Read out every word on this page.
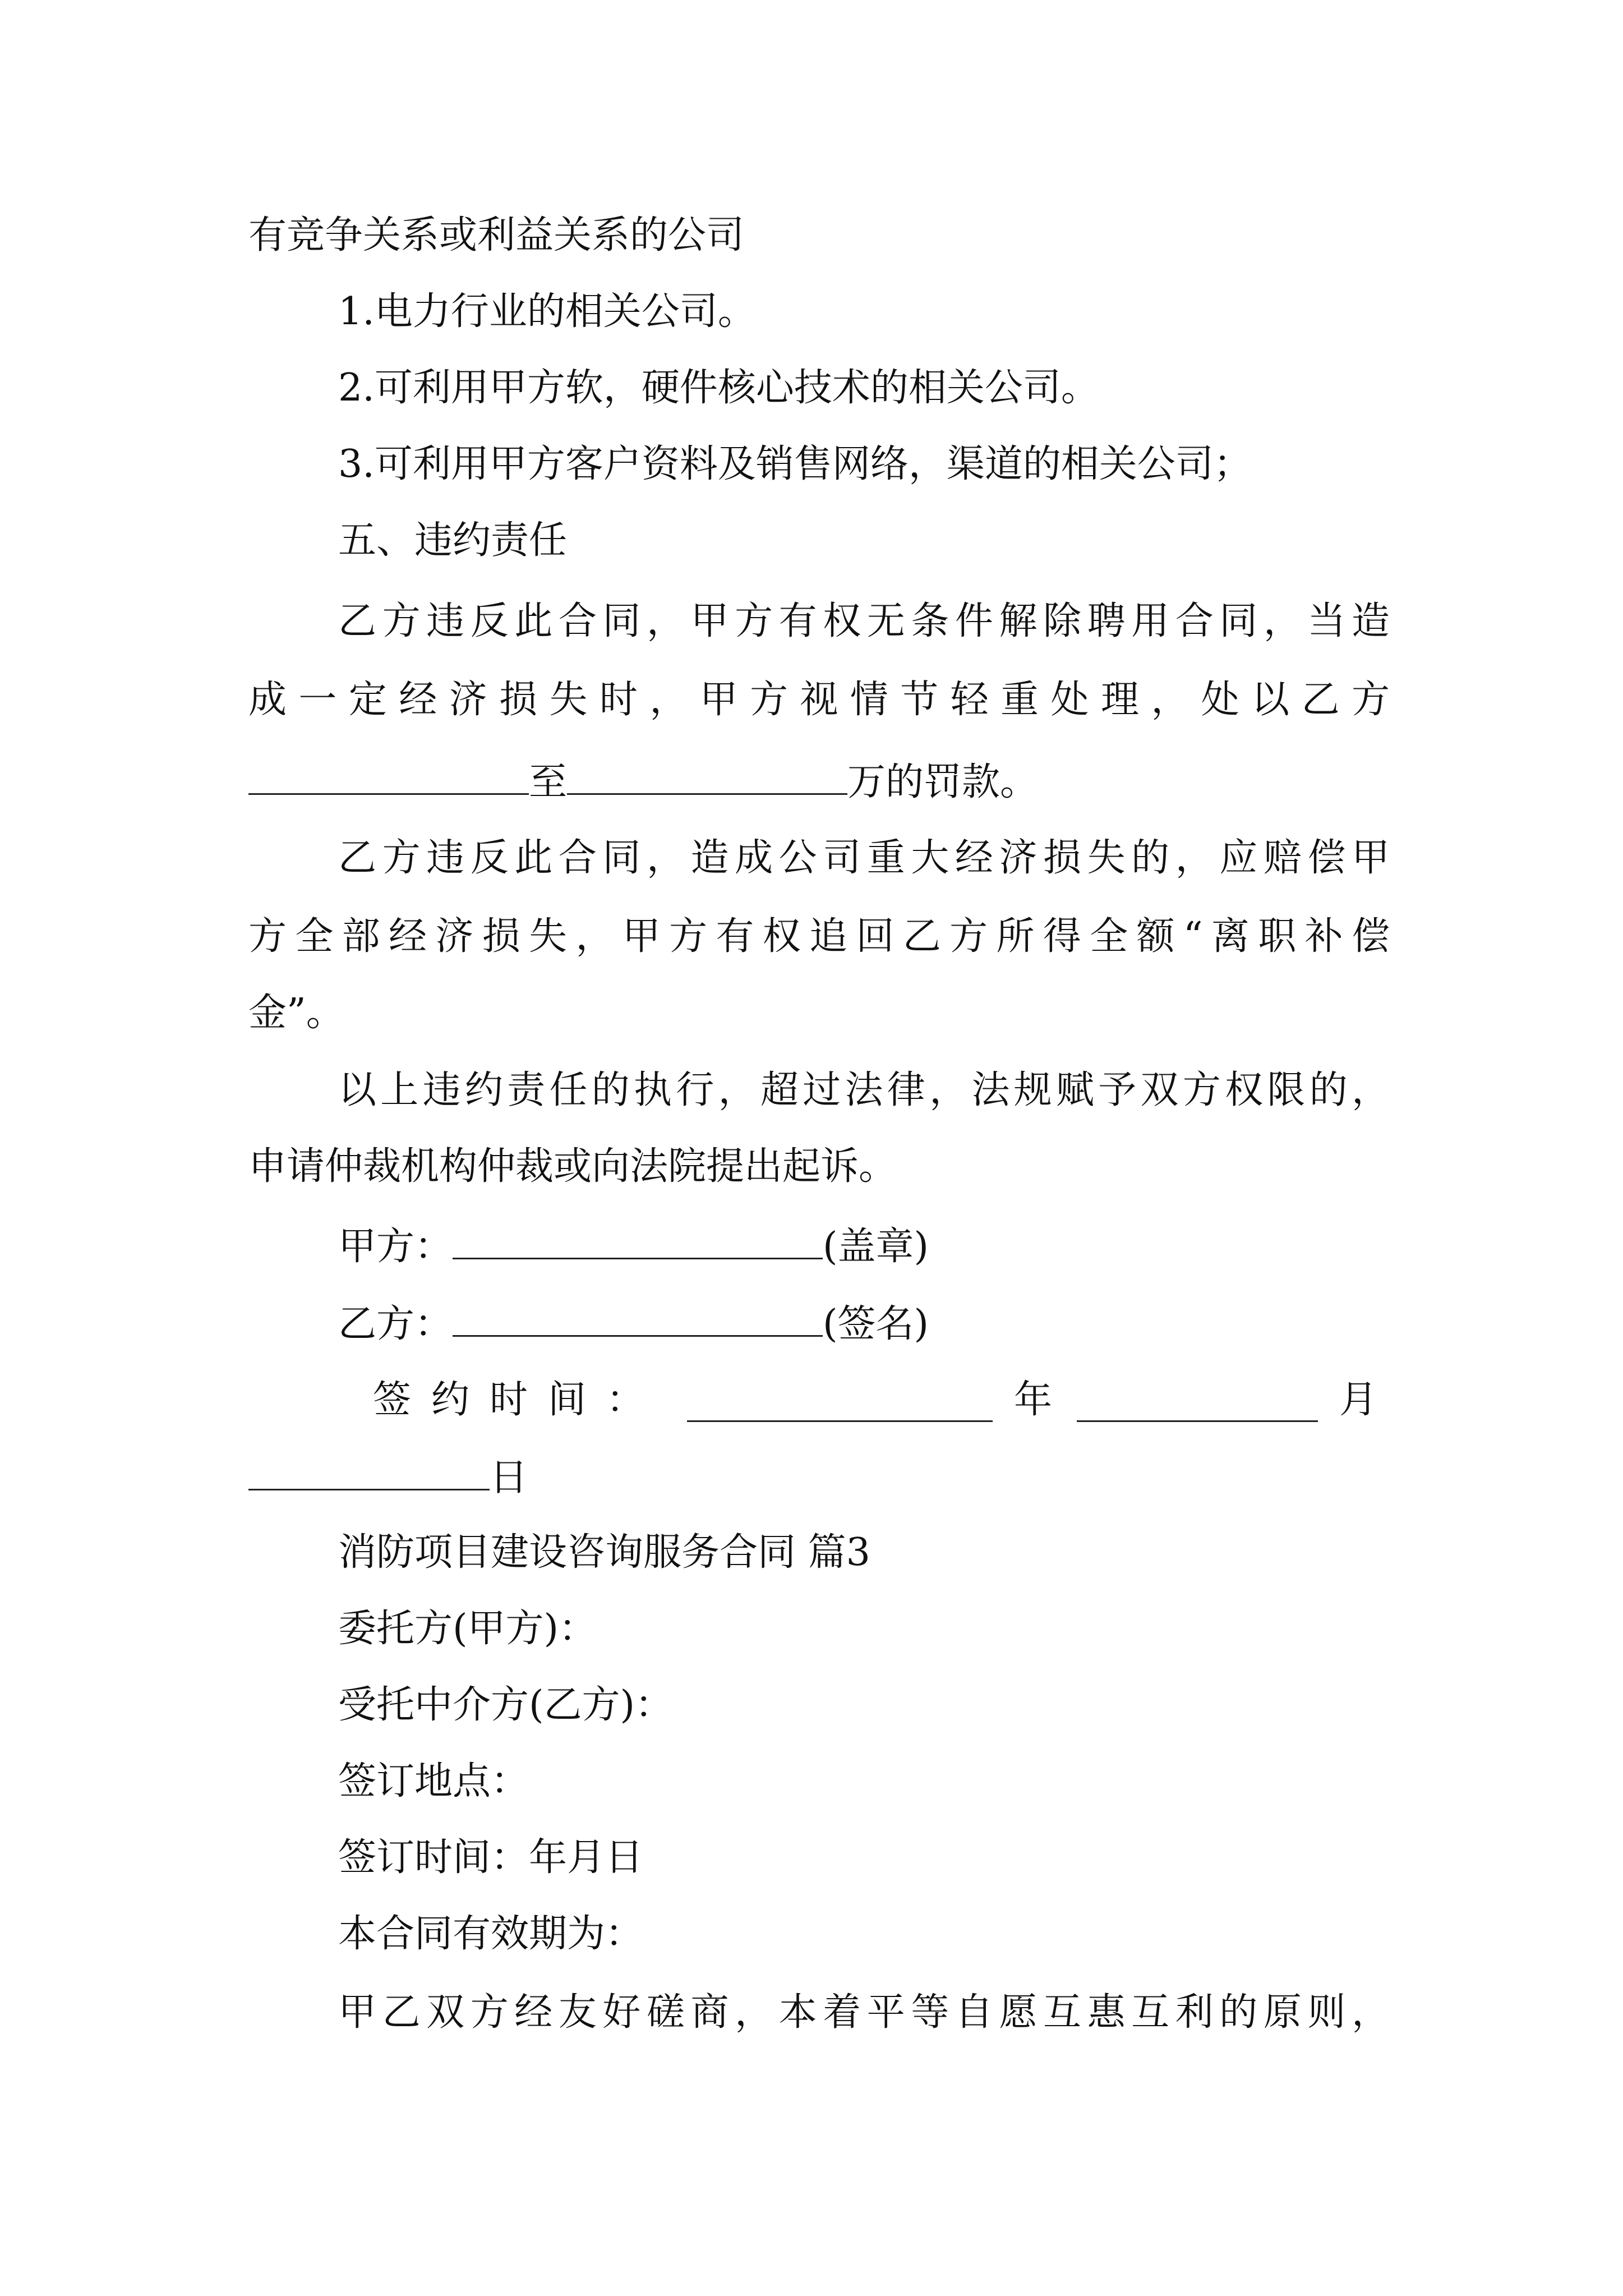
有竞争关系或利益关系的公司
1.电力行业的相关公司。
2.可利用甲方软，硬件核心技术的相关公司。
3.可利用甲方客户资料及销售网络，渠道的相关公司；
五、违约责任
乙方违反此合同，甲方有权无条件解除聘用合同，当造
成一定经济损失时，甲方视情节轻重处理，处以乙方
至	万的罚款。
乙方违反此合同，造成公司重大经济损失的，应赔偿甲
方全部经济损失，甲方有权追回乙方所得全额“离职补偿
金”。
以上违约责任的执行，超过法律，法规赋予双方权限的，
申请仲裁机构仲裁或向法院提出起诉。
甲方：	(盖章)
乙方：	(签名)
签约时间：	年	月
日
消防项目建设咨询服务合同 篇3
委托方(甲方)：
受托中介方(乙方)：
签订地点：
签订时间：年月日
本合同有效期为：
甲乙双方经友好磋商，本着平等自愿互惠互利的原则，
